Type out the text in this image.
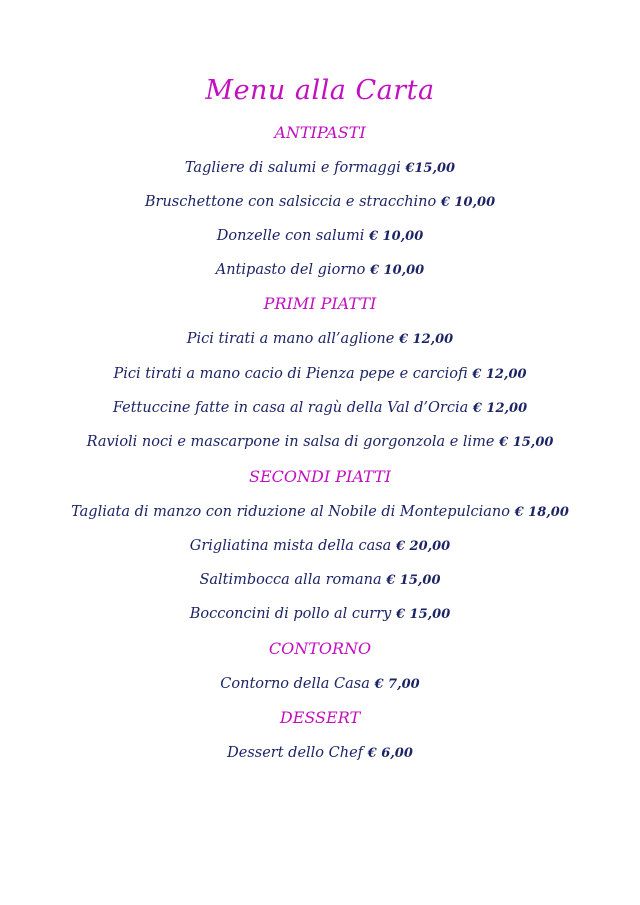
Menu alla Carta
ANTIPASTI
Tagliere di salumi e formaggi €15,00
Bruschettone con salsiccia e stracchino € 10,00
Donzelle con salumi € 10,00
Antipasto del giorno € 10,00
PRIMI PIATTI
Pici tirati a mano all’aglione € 12,00
Pici tirati a mano cacio di Pienza pepe e carciofi € 12,00
Fettuccine fatte in casa al ragù della Val d’Orcia € 12,00
Ravioli noci e mascarpone in salsa di gorgonzola e lime € 15,00
SECONDI PIATTI
Tagliata di manzo con riduzione al Nobile di Montepulciano € 18,00
Grigliatina mista della casa € 20,00
Saltimbocca alla romana € 15,00
Bocconcini di pollo al curry € 15,00
CONTORNO
Contorno della Casa € 7,00
DESSERT
Dessert dello Chef € 6,00
